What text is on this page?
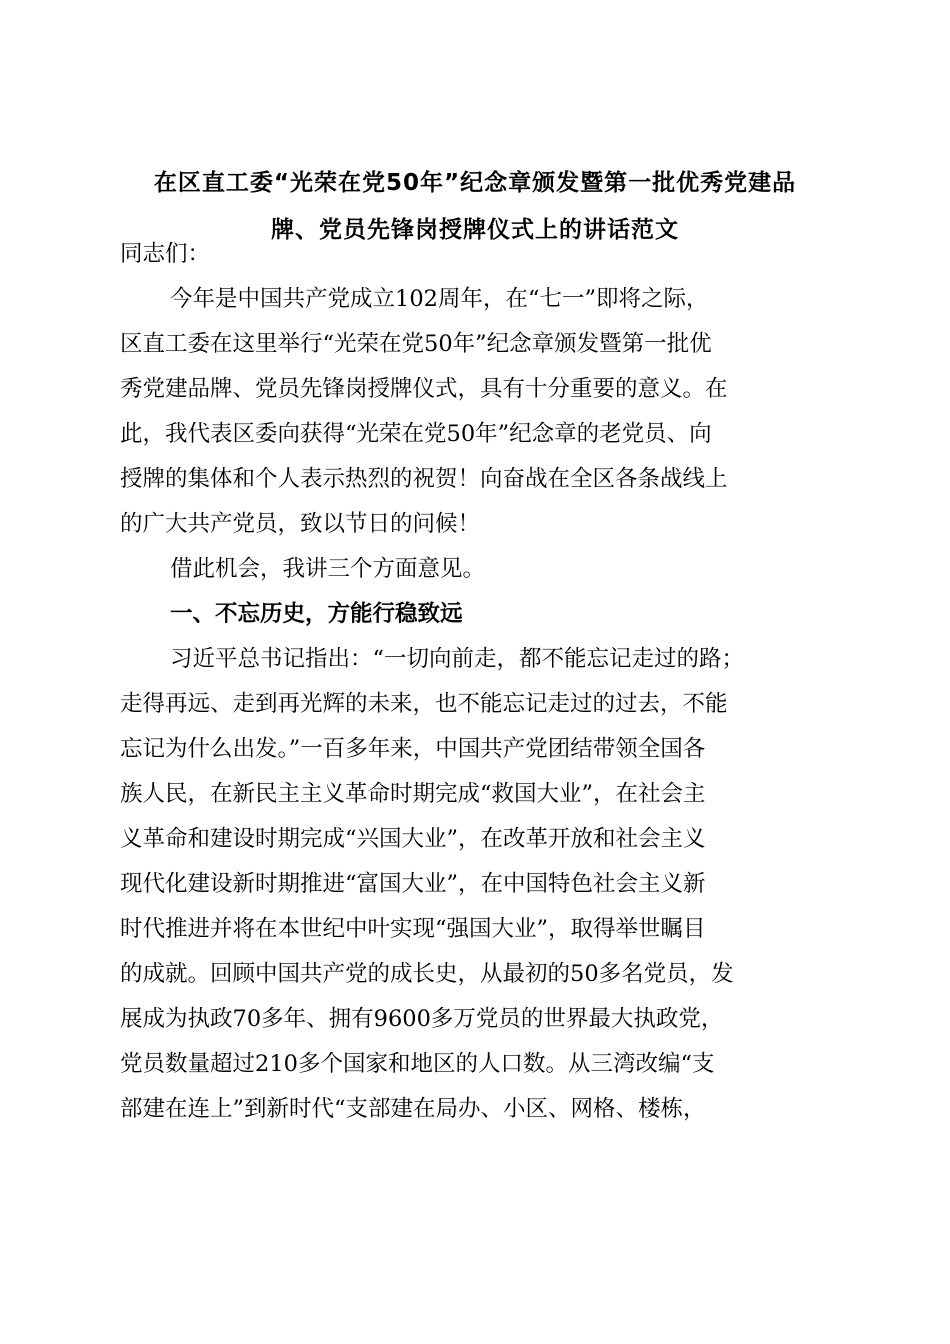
在区直工委“光荣在党50年”纪念章颁发暨第一批优秀党建品
牌、党员先锋岗授牌仪式上的讲话范文
同志们：
今年是中国共产党成立102周年，在“七一”即将之际，
区直工委在这里举行“光荣在党50年”纪念章颁发暨第一批优
秀党建品牌、党员先锋岗授牌仪式，具有十分重要的意义。在
此，我代表区委向获得“光荣在党50年”纪念章的老党员、向
授牌的集体和个人表示热烈的祝贺！向奋战在全区各条战线上
的广大共产党员，致以节日的问候！
借此机会，我讲三个方面意见。
一、不忘历史，方能行稳致远
习近平总书记指出：“一切向前走，都不能忘记走过的路；
走得再远、走到再光辉的未来，也不能忘记走过的过去，不能
忘记为什么出发。”一百多年来，中国共产党团结带领全国各
族人民，在新民主主义革命时期完成“救国大业”，在社会主
义革命和建设时期完成“兴国大业”，在改革开放和社会主义
现代化建设新时期推进“富国大业”，在中国特色社会主义新
时代推进并将在本世纪中叶实现“强国大业”，取得举世瞩目
的成就。回顾中国共产党的成长史，从最初的50多名党员，发
展成为执政70多年、拥有9600多万党员的世界最大执政党，
党员数量超过210多个国家和地区的人口数。从三湾改编“支
部建在连上”到新时代“支部建在局办、小区、网格、楼栋，
